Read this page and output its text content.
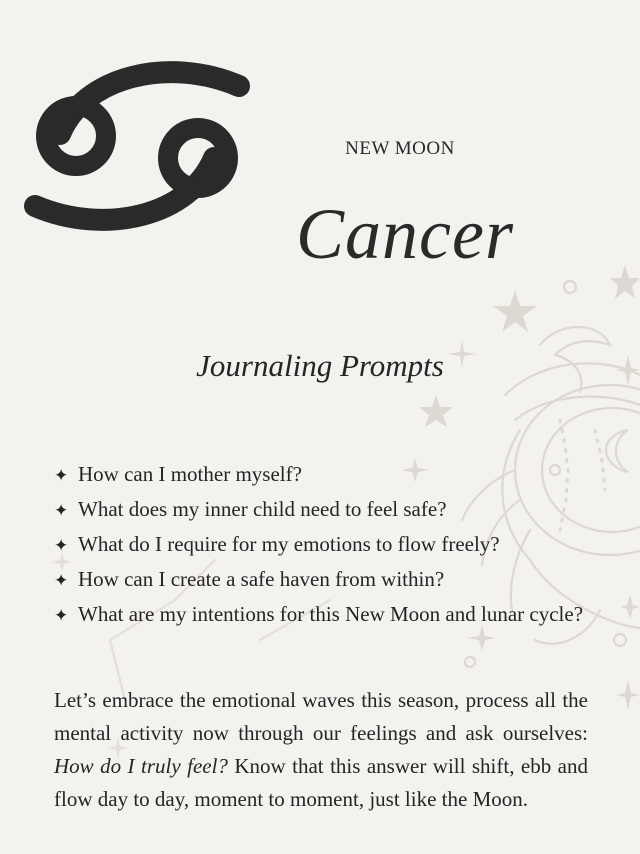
NEW MOON
Cancer
Journaling Prompts
✦ How can I mother myself?
✦ What does my inner child need to feel safe?
✦ What do I require for my emotions to flow freely?
✦ How can I create a safe haven from within?
✦ What are my intentions for this New Moon and lunar cycle?

Let’s embrace the emotional waves this season, process all the mental activity now through our feelings and ask ourselves: How do I truly feel? Know that this answer will shift, ebb and flow day to day, moment to moment, just like the Moon.
